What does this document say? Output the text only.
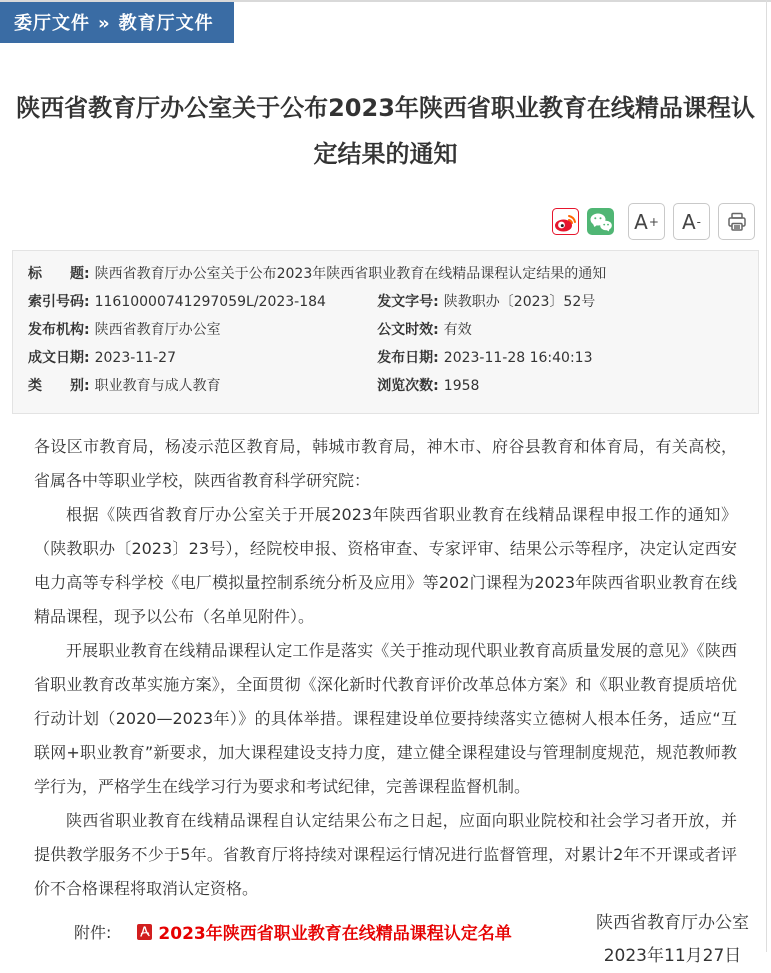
委厅文件 » 教育厅文件
陕西省教育厅办公室关于公布2023年陕西省职业教育在线精品课程认定结果的通知
A + A -
标　　题: 陕西省教育厅办公室关于公布2023年陕西省职业教育在线精品课程认定结果的通知
索引号码: 11610000741297059L/2023-184	发文字号: 陕教职办〔2023〕52号
发布机构: 陕西省教育厅办公室	公文时效: 有效
成文日期: 2023-11-27	发布日期: 2023-11-28 16:40:13
类　　别: 职业教育与成人教育	浏览次数: 1958

各设区市教育局，杨凌示范区教育局，韩城市教育局，神木市、府谷县教育和体育局，有关高校，省属各中等职业学校，陕西省教育科学研究院：

根据《陕西省教育厅办公室关于开展2023年陕西省职业教育在线精品课程申报工作的通知》（陕教职办〔2023〕23号），经院校申报、资格审查、专家评审、结果公示等程序，决定认定西安电力高等专科学校《电厂模拟量控制系统分析及应用》等202门课程为2023年陕西省职业教育在线精品课程，现予以公布（名单见附件）。

开展职业教育在线精品课程认定工作是落实《关于推动现代职业教育高质量发展的意见》《陕西省职业教育改革实施方案》，全面贯彻《深化新时代教育评价改革总体方案》和《职业教育提质培优行动计划（2020—2023年）》的具体举措。课程建设单位要持续落实立德树人根本任务，适应“互联网+职业教育”新要求，加大课程建设支持力度，建立健全课程建设与管理制度规范，规范教师教学行为，严格学生在线学习行为要求和考试纪律，完善课程监督机制。

陕西省职业教育在线精品课程自认定结果公布之日起，应面向职业院校和社会学习者开放，并提供教学服务不少于5年。省教育厅将持续对课程运行情况进行监督管理，对累计2年不开课或者评价不合格课程将取消认定资格。

附件:	2023年陕西省职业教育在线精品课程认定名单
陕西省教育厅办公室
2023年11月27日
